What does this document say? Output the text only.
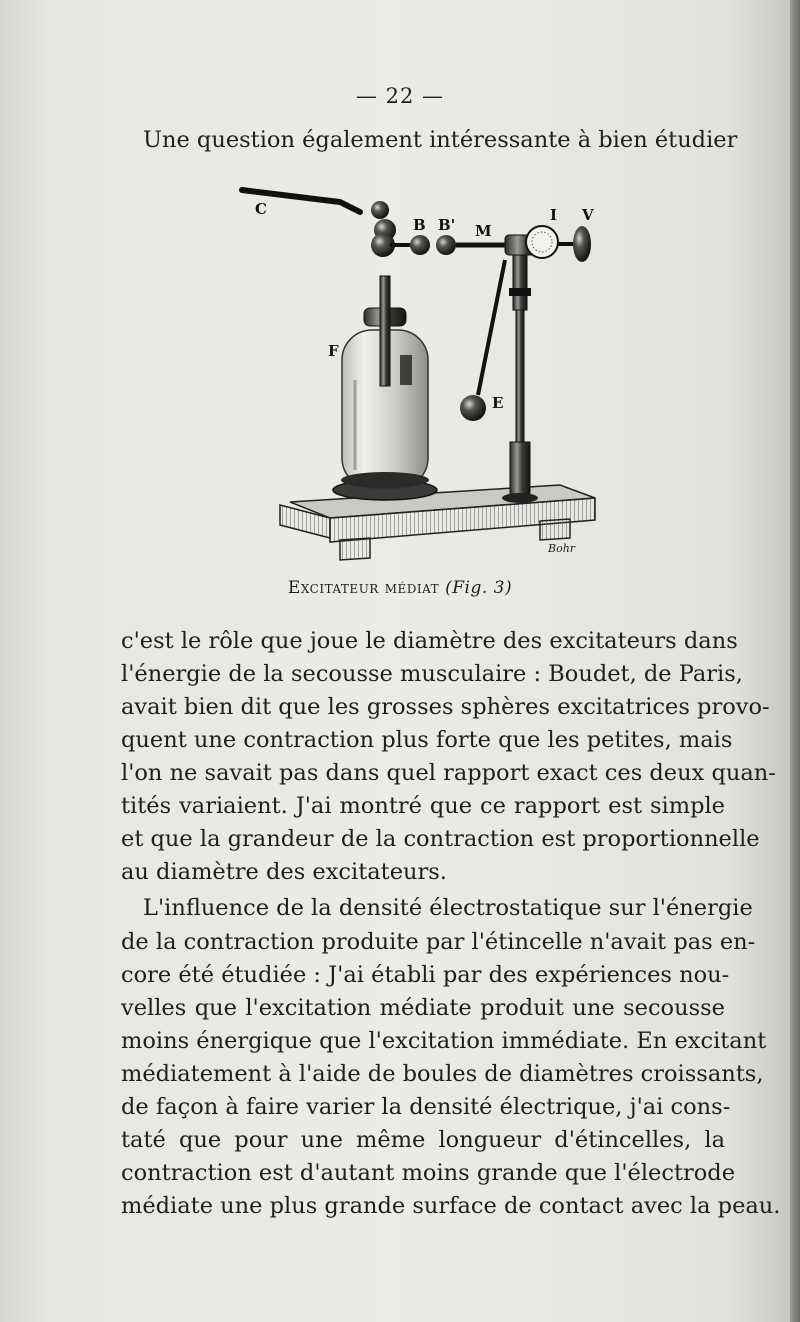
— 22 —
Une question également intéressante à bien étudier
Bohr
C
B B' M
I V
F
E
Excitateur médiat (Fig. 3)
c'est le rôle que joue le diamètre des excitateurs dans
l'énergie de la secousse musculaire : Boudet, de Paris,
avait bien dit que les grosses sphères excitatrices provo-
quent une contraction plus forte que les petites, mais
l'on ne savait pas dans quel rapport exact ces deux quan-
tités variaient. J'ai montré que ce rapport est simple
et que la grandeur de la contraction est proportionnelle
au diamètre des excitateurs.
L'influence de la densité électrostatique sur l'énergie
de la contraction produite par l'étincelle n'avait pas en-
core été étudiée : J'ai établi par des expériences nou-
velles que l'excitation médiate produit une secousse
moins énergique que l'excitation immédiate. En excitant
médiatement à l'aide de boules de diamètres croissants,
de façon à faire varier la densité électrique, j'ai cons-
taté que pour une même longueur d'étincelles, la
contraction est d'autant moins grande que l'électrode
médiate une plus grande surface de contact avec la peau.
